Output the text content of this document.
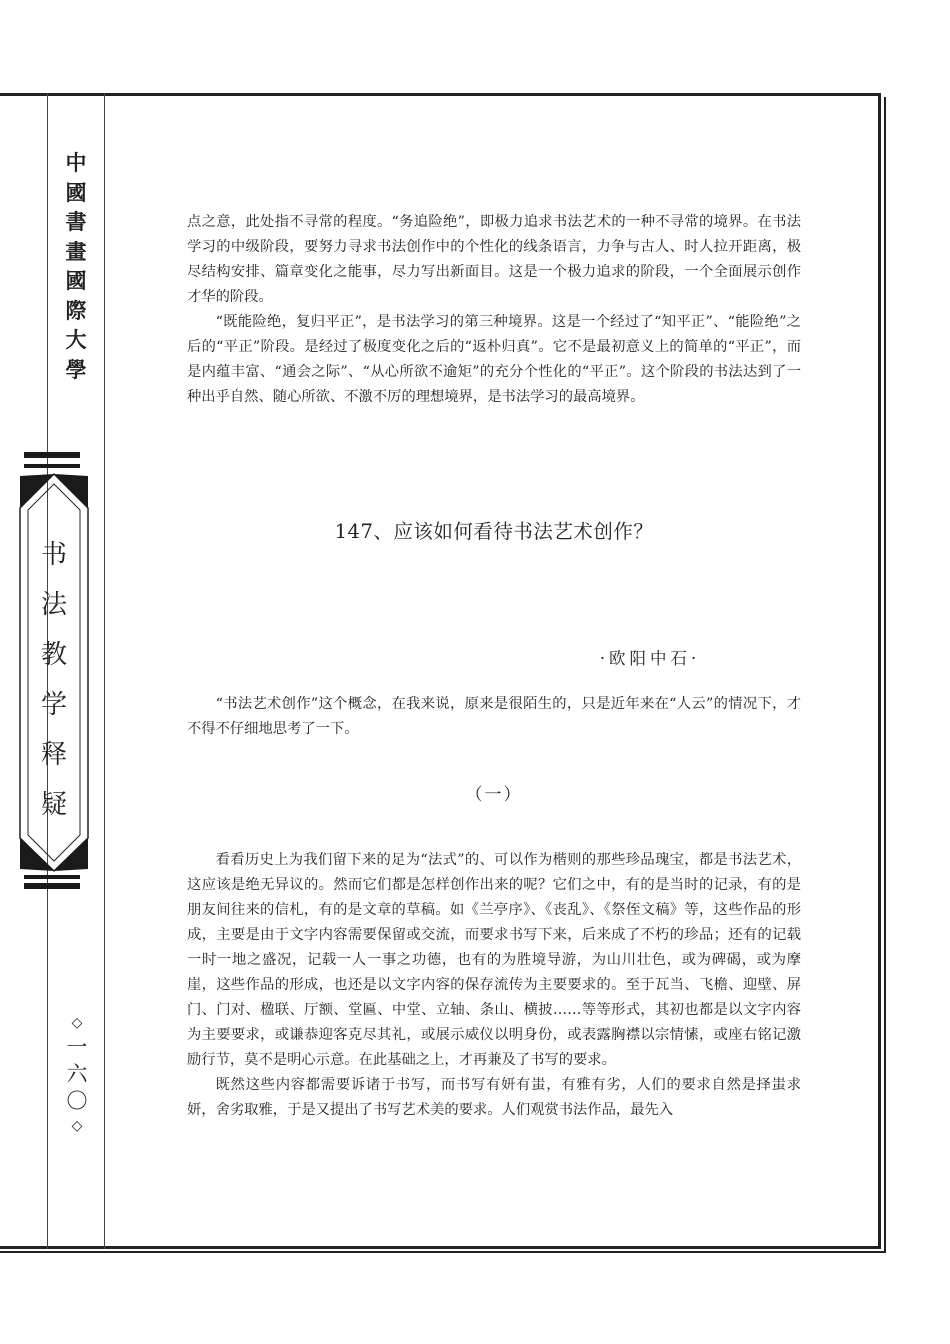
中
國
書
畫
國
際
大
學
书
法
教
学
释
疑
◇
一
六
〇
◇

点之意，此处指不寻常的程度。“务追险绝”，即极力追求书法艺术的一种不寻常的境界。在书法学习的中级阶段，要努力寻求书法创作中的个性化的线条语言，力争与古人、时人拉开距离，极尽结构安排、篇章变化之能事，尽力写出新面目。这是一个极力追求的阶段，一个全面展示创作才华的阶段。

“既能险绝，复归平正”，是书法学习的第三种境界。这是一个经过了“知平正”、“能险绝”之后的“平正”阶段。是经过了极度变化之后的“返朴归真”。它不是最初意义上的简单的“平正”，而是内蕴丰富、“通会之际”、“从心所欲不逾矩”的充分个性化的“平正”。这个阶段的书法达到了一种出乎自然、随心所欲、不激不厉的理想境界，是书法学习的最高境界。

147、应该如何看待书法艺术创作？
·欧阳中石·

“书法艺术创作”这个概念，在我来说，原来是很陌生的，只是近年来在“人云”的情况下，才不得不仔细地思考了一下。

（一）

看看历史上为我们留下来的足为“法式”的、可以作为楷则的那些珍品瑰宝，都是书法艺术，这应该是绝无异议的。然而它们都是怎样创作出来的呢？它们之中，有的是当时的记录，有的是朋友间往来的信札，有的是文章的草稿。如《兰亭序》、《丧乱》、《祭侄文稿》等，这些作品的形成，主要是由于文字内容需要保留或交流，而要求书写下来，后来成了不朽的珍品；还有的记载一时一地之盛况，记载一人一事之功德，也有的为胜境导游，为山川壮色，或为碑碣，或为摩崖，这些作品的形成，也还是以文字内容的保存流传为主要要求的。至于瓦当、飞檐、迎壁、屏门、门对、楹联、厅额、堂匾、中堂、立轴、条山、横披……等等形式，其初也都是以文字内容为主要要求，或谦恭迎客克尽其礼，或展示威仪以明身份，或表露胸襟以宗情愫，或座右铭记激励行节，莫不是明心示意。在此基础之上，才再兼及了书写的要求。

既然这些内容都需要诉诸于书写，而书写有妍有蚩，有雅有劣，人们的要求自然是择蚩求妍，舍劣取雅，于是又提出了书写艺术美的要求。人们观赏书法作品，最先入
